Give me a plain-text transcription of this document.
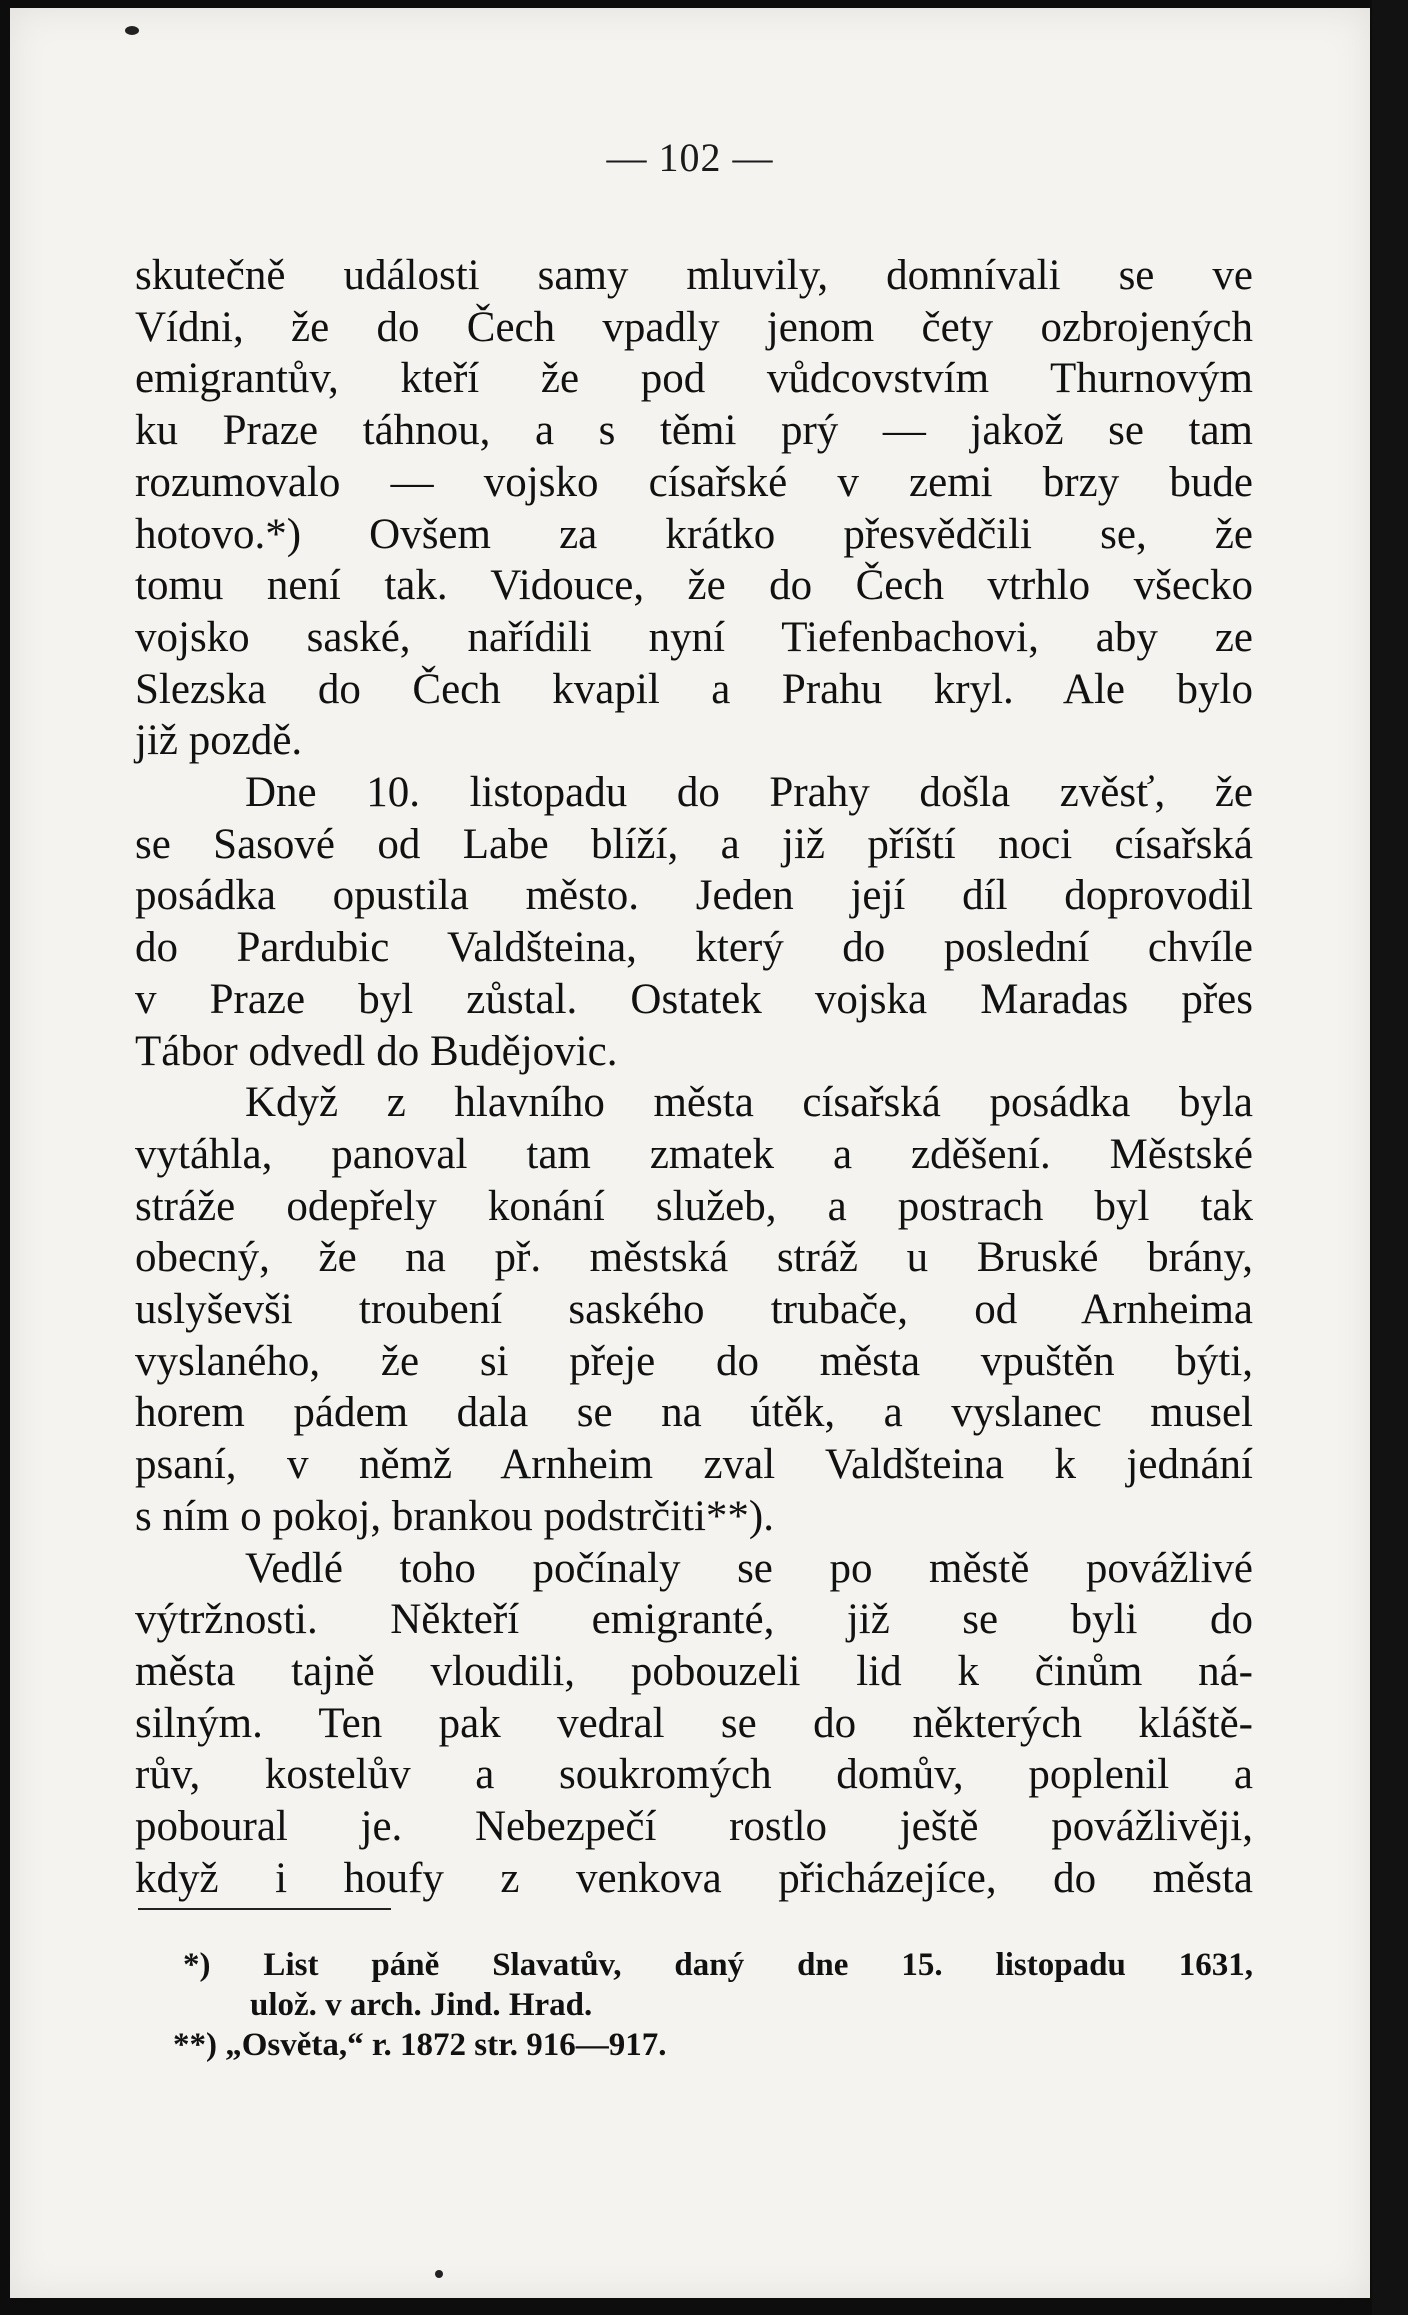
— 102 —
skutečně události samy mluvily, domnívali se ve
Vídni, že do Čech vpadly jenom čety ozbrojených
emigrantův, kteří že pod vůdcovstvím Thurnovým
ku Praze táhnou, a s těmi prý — jakož se tam
rozumovalo — vojsko císařské v zemi brzy bude
hotovo.*) Ovšem za krátko přesvědčili se, že
tomu není tak. Vidouce, že do Čech vtrhlo všecko
vojsko saské, nařídili nyní Tiefenbachovi, aby ze
Slezska do Čech kvapil a Prahu kryl. Ale bylo
již pozdě.
Dne 10. listopadu do Prahy došla zvěsť, že
se Sasové od Labe blíží, a již příští noci císařská
posádka opustila město. Jeden její díl doprovodil
do Pardubic Valdšteina, který do poslední chvíle
v Praze byl zůstal. Ostatek vojska Maradas přes
Tábor odvedl do Budějovic.
Když z hlavního města císařská posádka byla
vytáhla, panoval tam zmatek a zděšení. Městské
stráže odepřely konání služeb, a postrach byl tak
obecný, že na př. městská stráž u Bruské brány,
uslyševši troubení saského trubače, od Arnheima
vyslaného, že si přeje do města vpuštěn býti,
horem pádem dala se na útěk, a vyslanec musel
psaní, v němž Arnheim zval Valdšteina k jednání
s ním o pokoj, brankou podstrčiti**).
Vedlé toho počínaly se po městě povážlivé
výtržnosti. Někteří emigranté, již se byli do
města tajně vloudili, pobouzeli lid k činům ná-
silným. Ten pak vedral se do některých kláště-
rův, kostelův a soukromých domův, poplenil a
poboural je. Nebezpečí rostlo ještě povážlivěji,
když i houfy z venkova přicházejíce, do města
*) List páně Slavatův, daný dne 15. listopadu 1631,
ulož. v arch. Jind. Hrad.
**) „Osvěta,“ r. 1872 str. 916—917.
